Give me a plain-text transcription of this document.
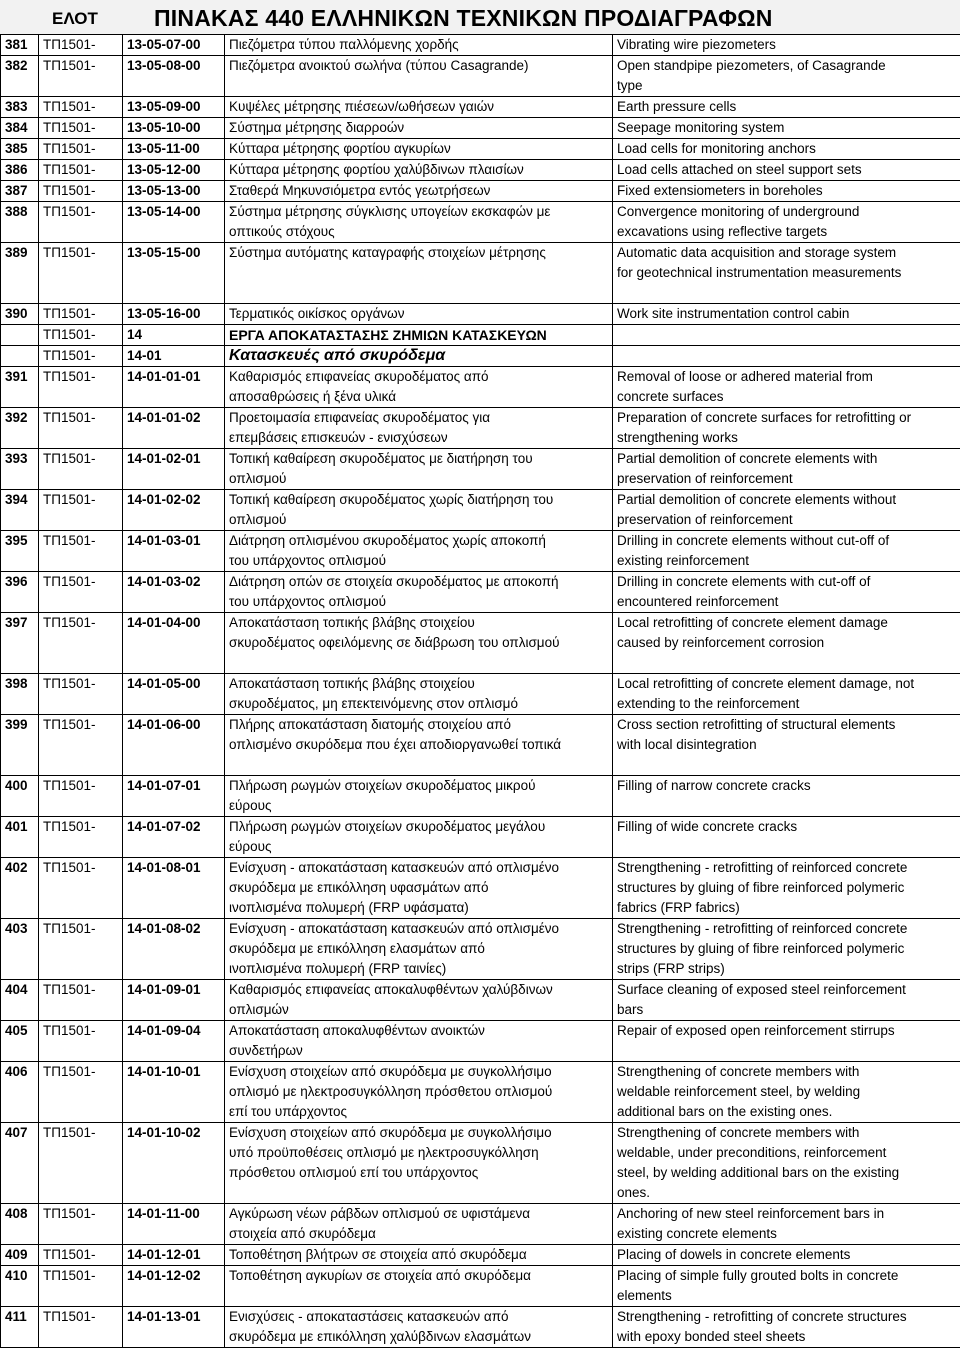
ΕΛΟΤ ΠΙΝΑΚΑΣ 440 ΕΛΛΗΝΙΚΩΝ ΤΕΧΝΙΚΩΝ ΠΡΟΔΙΑΓΡΑΦΩΝ
381	ΤΠ1501-	13-05-07-00	Πιεζόμετρα τύπου παλλόμενης χορδής	Vibrating wire piezometers
382	ΤΠ1501-	13-05-08-00	Πιεζόμετρα ανοικτού σωλήνα (τύπου Casagrande)	Open standpipe piezometers, of Casagrande
type
383	ΤΠ1501-	13-05-09-00	Κυψέλες μέτρησης πιέσεων/ωθήσεων γαιών	Earth pressure cells
384	ΤΠ1501-	13-05-10-00	Σύστημα μέτρησης διαρροών	Seepage monitoring system
385	ΤΠ1501-	13-05-11-00	Κύτταρα μέτρησης φορτίου αγκυρίων	Load cells for monitoring anchors
386	ΤΠ1501-	13-05-12-00	Κύτταρα μέτρησης φορτίου χαλύβδινων πλαισίων	Load cells attached on steel support sets
387	ΤΠ1501-	13-05-13-00	Σταθερά Μηκυνσιόμετρα εντός γεωτρήσεων	Fixed extensiometers in boreholes
388	ΤΠ1501-	13-05-14-00	Σύστημα μέτρησης σύγκλισης υπογείων εκσκαφών με
οπτικούς στόχους	Convergence monitoring of underground
excavations using reflective targets
389	ΤΠ1501-	13-05-15-00	Σύστημα αυτόματης καταγραφής στοιχείων μέτρησης	Automatic data acquisition and storage system
for geotechnical instrumentation measurements
390	ΤΠ1501-	13-05-16-00	Τερματικός οικίσκος οργάνων	Work site instrumentation control cabin
	ΤΠ1501-	14	ΕΡΓΑ ΑΠΟΚΑΤΑΣΤΑΣΗΣ ΖΗΜΙΩΝ ΚΑΤΑΣΚΕΥΩΝ	
	ΤΠ1501-	14-01	Κατασκευές από σκυρόδεμα	
391	ΤΠ1501-	14-01-01-01	Καθαρισμός επιφανείας σκυροδέματος από
αποσαθρώσεις ή ξένα υλικά	Removal of loose or adhered material from
concrete surfaces
392	ΤΠ1501-	14-01-01-02	Προετοιμασία επιφανείας σκυροδέματος για
επεμβάσεις επισκευών - ενισχύσεων	Preparation of concrete surfaces for retrofitting or
strengthening works
393	ΤΠ1501-	14-01-02-01	Τοπική καθαίρεση σκυροδέματος με διατήρηση του
οπλισμού	Partial demolition of concrete elements with
preservation of reinforcement
394	ΤΠ1501-	14-01-02-02	Τοπική καθαίρεση σκυροδέματος χωρίς διατήρηση του
οπλισμού	Partial demolition of concrete elements without
preservation of reinforcement
395	ΤΠ1501-	14-01-03-01	Διάτρηση οπλισμένου σκυροδέματος χωρίς αποκοπή
του υπάρχοντος οπλισμού	Drilling in concrete elements without cut-off of
existing reinforcement
396	ΤΠ1501-	14-01-03-02	Διάτρηση οπών σε στοιχεία σκυροδέματος με αποκοπή
του υπάρχοντος οπλισμού	Drilling in concrete elements with cut-off of
encountered reinforcement
397	ΤΠ1501-	14-01-04-00	Αποκατάσταση τοπικής βλάβης στοιχείου
σκυροδέματος οφειλόμενης σε διάβρωση του οπλισμού	Local retrofitting of concrete element damage
caused by reinforcement corrosion
398	ΤΠ1501-	14-01-05-00	Αποκατάσταση τοπικής βλάβης στοιχείου
σκυροδέματος, μη επεκτεινόμενης στον οπλισμό	Local retrofitting of concrete element damage, not
extending to the reinforcement
399	ΤΠ1501-	14-01-06-00	Πλήρης αποκατάσταση διατομής στοιχείου από
οπλισμένο σκυρόδεμα που έχει αποδιοργανωθεί τοπικά	Cross section retrofitting of structural elements
with local disintegration
400	ΤΠ1501-	14-01-07-01	Πλήρωση ρωγμών στοιχείων σκυροδέματος μικρού
εύρους	Filling of narrow concrete cracks
401	ΤΠ1501-	14-01-07-02	Πλήρωση ρωγμών στοιχείων σκυροδέματος μεγάλου
εύρους	Filling of wide concrete cracks
402	ΤΠ1501-	14-01-08-01	Ενίσχυση - αποκατάσταση κατασκευών από οπλισμένο
σκυρόδεμα με επικόλληση υφασμάτων από
ινοπλισμένα πολυμερή (FRP υφάσματα)	Strengthening - retrofitting of reinforced concrete
structures by gluing of fibre reinforced polymeric
fabrics (FRP fabrics)
403	ΤΠ1501-	14-01-08-02	Ενίσχυση - αποκατάσταση κατασκευών από οπλισμένο
σκυρόδεμα με επικόλληση ελασμάτων από
ινοπλισμένα πολυμερή (FRP ταινίες)	Strengthening - retrofitting of reinforced concrete
structures by gluing of fibre reinforced polymeric
strips (FRP strips)
404	ΤΠ1501-	14-01-09-01	Καθαρισμός επιφανείας αποκαλυφθέντων χαλύβδινων
οπλισμών	Surface cleaning of exposed steel reinforcement
bars
405	ΤΠ1501-	14-01-09-04	Αποκατάσταση αποκαλυφθέντων ανοικτών
συνδετήρων	Repair of exposed open reinforcement stirrups
406	ΤΠ1501-	14-01-10-01	Ενίσχυση στοιχείων από σκυρόδεμα με συγκολλήσιμο
οπλισμό με ηλεκτροσυγκόλληση πρόσθετου οπλισμού
επί του υπάρχοντος	Strengthening of concrete members with
weldable reinforcement steel, by welding
additional bars on the existing ones.
407	ΤΠ1501-	14-01-10-02	Ενίσχυση στοιχείων από σκυρόδεμα με συγκολλήσιμο
υπό προϋποθέσεις οπλισμό με ηλεκτροσυγκόλληση
πρόσθετου οπλισμού επί του υπάρχοντος	Strengthening of concrete members with
weldable, under preconditions, reinforcement
steel, by welding additional bars on the existing
ones.
408	ΤΠ1501-	14-01-11-00	Αγκύρωση νέων ράβδων οπλισμού σε υφιστάμενα
στοιχεία από σκυρόδεμα	Anchoring of new steel reinforcement bars in
existing concrete elements
409	ΤΠ1501-	14-01-12-01	Τοποθέτηση βλήτρων σε στοιχεία από σκυρόδεμα	Placing of dowels in concrete elements
410	ΤΠ1501-	14-01-12-02	Τοποθέτηση αγκυρίων σε στοιχεία από σκυρόδεμα	Placing of simple fully grouted bolts in concrete
elements
411	ΤΠ1501-	14-01-13-01	Ενισχύσεις - αποκαταστάσεις κατασκευών από
σκυρόδεμα με επικόλληση χαλύβδινων ελασμάτων	Strengthening - retrofitting of concrete structures
with epoxy bonded steel sheets
